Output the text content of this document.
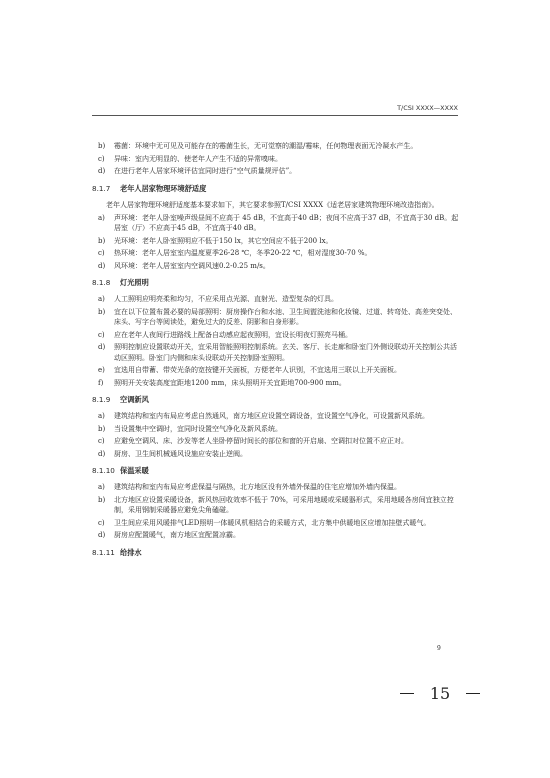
T/CSI XXXX—XXXX
b) 霉菌：环境中无可见及可能存在的霉菌生长，无可觉察的潮湿/霉味，任何物理表面无冷凝水产生。
c) 异味：室内无明显的、使老年人产生不适的异常嗅味。
d) 在进行老年人居家环境评估宜同时进行“空气质量规评估”。
8.1.7 老年人居家物理环境舒适度
老年人居家物理环境舒适度基本要求如下，其它要求参照T/CSI XXXX《适老居家建筑物理环境改造指南》。
a) 声环境：老年人卧室噪声级昼间不应高于 45 dB，不宜高于40 dB；夜间不应高于37 dB，不宜高于30 dB。起居室（厅）不应高于45 dB，不宜高于40 dB。
b) 光环境：老年人卧室照明应不低于150 lx，其它空间应不低于200 lx。
c) 热环境：老年人居室室内温度夏季26-28 ℃，冬季20-22 ℃，相对湿度30-70 %。
d) 风环境：老年人居室室内空调风速0.2-0.25 m/s。
8.1.8 灯光照明
a) 人工照明应明亮柔和均匀，不应采用点光源、直射光、造型复杂的灯具。
b) 宜在以下位置布置必要的局部照明：厨房操作台和水池、卫生间盥洗池和化妆镜、过道、转弯处、高差突变处、床头、写字台等阅读处，避免过大的反差、阴影和自身形影。
c) 应在老年人夜间行进路线上配备自动感应起夜照明，宜设长明夜灯照亮马桶。
d) 照明控制应设置联动开关，宜采用智能照明控制系统。玄关、客厅、长走廊和卧室门外侧设联动开关控制公共活动区照明。卧室门内侧和床头设联动开关控制卧室照明。
e) 宜选用自带蓄、带荧光条的宽按键开关面板，方便老年人识别，不宜选用三联以上开关面板。
f) 照明开关安装高度宜距地1200 mm，床头照明开关宜距地700-900 mm。
8.1.9 空调新风
a) 建筑结构和室内布局应考虑自然通风，南方地区应设置空调设备，宜设置空气净化，可设置新风系统。
b) 当设置集中空调时，宜同时设置空气净化及新风系统。
c) 应避免空调风、床、沙发等老人坐卧停留时间长的部位和窗的开启扇、空调扣对位置不应正对。
d) 厨房、卫生间机械通风设施应安装止逆阀。
8.1.10 保温采暖
a) 建筑结构和室内布局应考虑保温与隔热，北方地区没有外墙外保温的住宅应增加外墙内保温。
b) 北方地区应设置采暖设备，新风热回收效率不低于 70%，可采用地暖或采暖器形式，采用地暖各房间宜独立控制，采用钢制采暖器应避免尖角磕碰。
c) 卫生间应采用风暖排气LED照明一体暖风机相结合的采暖方式，北方集中供暖地区应增加挂壁式暖气。
d) 厨房应配置暖气，南方地区宜配置凉霸。
8.1.11 给排水
9
15
